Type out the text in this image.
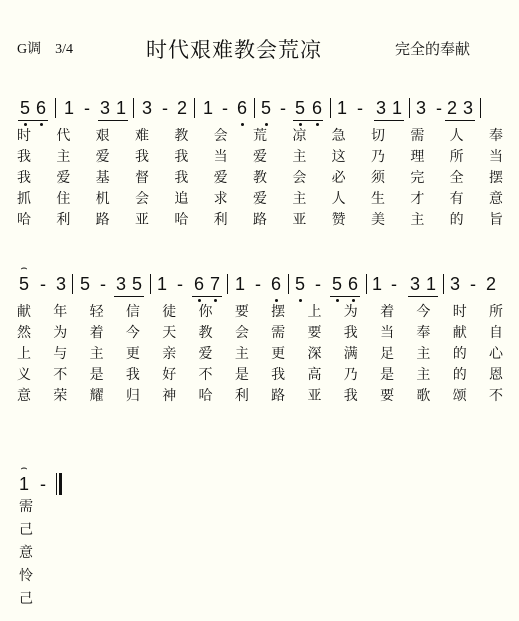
G调　3/4	时代艰难教会荒凉	完全的奉献
5 6 1 - 3 1 3 - 2 1 - 6 5 - 5 6 1 - 3 1 3 - 2 3
时 代 艰 难 教 会 荒 凉 急 切 需 人 奉
我 主 爱 我 我 当 爱 主 这 乃 理 所 当
我 爱 基 督 我 爱 教 会 必 须 完 全 摆
抓 住 机 会 追 求 爱 主 人 生 才 有 意
哈 利 路 亚 哈 利 路 亚 赞 美 主 的 旨
5
⌢
- 3 5 - 3 5 1 - 6 7 1 - 6 5 - 5 6 1 - 3 1 3 - 2
献 年 轻 信 徒 你 要 摆 上 为 着 今 时 所
然 为 着 今 天 教 会 需 要 我 当 奉 献 自
上 与 主 更 亲 爱 主 更 深 满 足 主 的 心
义 不 是 我 好 不 是 我 高 乃 是 主 的 恩
意 荣 耀 归 神 哈 利 路 亚 我 要 歌 颂 不
1
⌢
-
需
己
意
怜
己
